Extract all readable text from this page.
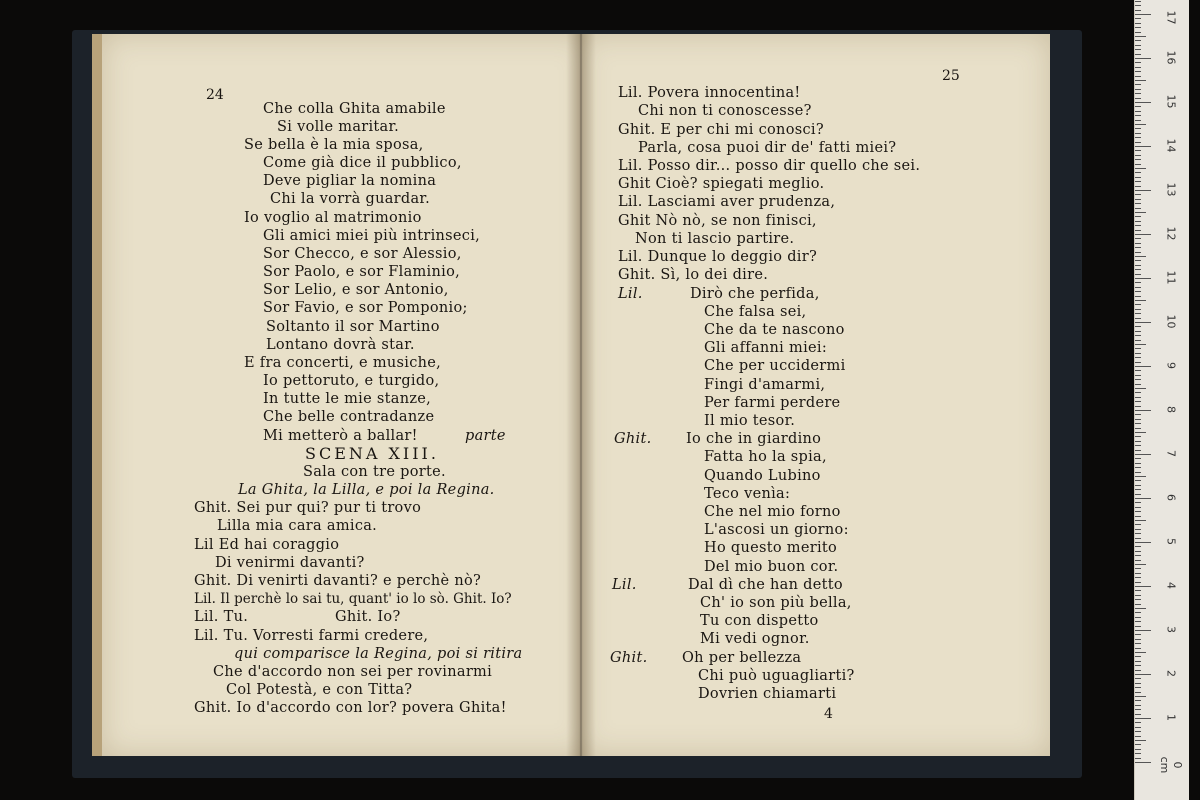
24
Che colla Ghita amabile
Si volle maritar.
Se bella è la mia sposa,
Come già dice il pubblico,
Deve pigliar la nomina
Chi la vorrà guardar.
Io voglio al matrimonio
Gli amici miei più intrinseci,
Sor Checco, e sor Alessio,
Sor Paolo, e sor Flaminio,
Sor Lelio, e sor Antonio,
Sor Favio, e sor Pomponio;
Soltanto il sor Martino
Lontano dovrà star.
E fra concerti, e musiche,
Io pettoruto, e turgido,
In tutte le mie stanze,
Che belle contradanze
Mi metterò a ballar!	parte
SCENA XIII.
Sala con tre porte.
La Ghita, la Lilla, e poi la Regina.
Ghit. Sei pur qui? pur ti trovo
Lilla mia cara amica.
Lil Ed hai coraggio
Di venirmi davanti?
Ghit. Di venirti davanti? e perchè nò?
Lil. Il perchè lo sai tu, quant' io lo sò. Ghit. Io?
Lil. Tu.	Ghit. Io?
Lil. Tu. Vorresti farmi credere,
qui comparisce la Regina, poi si ritira
Che d'accordo non sei per rovinarmi
Col Potestà, e con Titta?
Ghit. Io d'accordo con lor? povera Ghita!
25
Lil. Povera innocentina!
Chi non ti conoscesse?
Ghit. E per chi mi conosci?
Parla, cosa puoi dir de' fatti miei?
Lil. Posso dir... posso dir quello che sei.
Ghit Cioè? spiegati meglio.
Lil. Lasciami aver prudenza,
Ghit Nò nò, se non finisci,
Non ti lascio partire.
Lil. Dunque lo deggio dir?
Ghit. Sì, lo dei dire.
Lil.	Dirò che perfida,
Che falsa sei,
Che da te nascono
Gli affanni miei:
Che per uccidermi
Fingi d'amarmi,
Per farmi perdere
Il mio tesor.
Ghit. Io che in giardino
Fatta ho la spia,
Quando Lubino
Teco venìa:
Che nel mio forno
L'ascosi un giorno:
Ho questo merito
Del mio buon cor.
Lil.	Dal dì che han detto
Ch' io son più bella,
Tu con dispetto
Mi vedi ognor.
Ghit. Oh per bellezza
Chi può uguagliarti?
Dovrien chiamarti
4
0 cm
1
2
3
4
5
6
7
8
9
10
11
12
13
14
15
16
17
